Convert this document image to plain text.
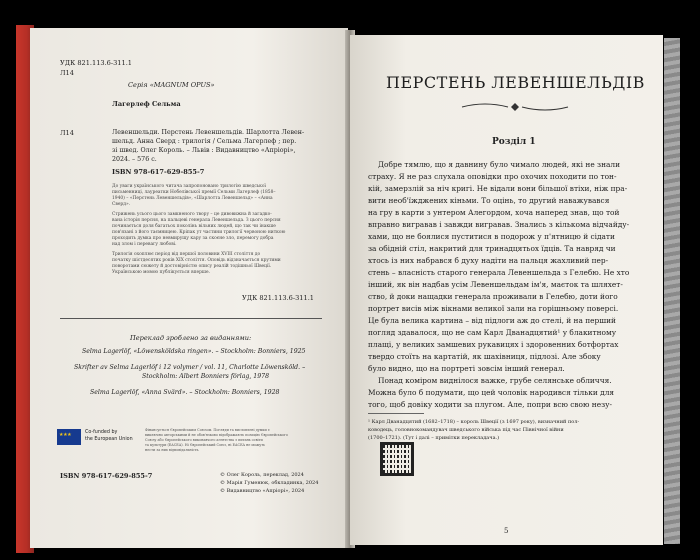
УДК 821.113.6-311.1
Л14
Серія «MAGNUM OPUS»
Лагерлеф Сельма
Л14	Левеншельди. Перстень Левеншельдів. Шарлотта Левен-
шельд. Анна Сверд : трилогія / Сельма Лагерлеф ; пер.
зі швед. Олег Король. – Львів : Видавництво «Апріорі»,
2024. – 576 с.
ISBN 978-617-629-855-7
До уваги українського читача запропоновано трилогію шведської
письменниці, лауреатки Нобелівської премії Сельми Лагерлеф (1858–
1940) – «Перстень Левеншельдів», «Шарлотта Левеншельд» – «Анна
Сверд».
Стрижень усього цього замкненого твору – це дивовижна й загадко-
вана історія персня, на пальцеві генерала Левеншельда. З цього персня
починається доля багатьох поколінь вільних людей, що так чи інакше
пов'язані з його таємницею. Кріпак ут частини трилогії червоною ниткою
проходить думка про невмирущу кару за скоєне зло, перемогу добра
над злом і перевагу любові.
Трилогія охоплює період від першої половини XVIII століття до
початку шістдесятих років XIX століття. Оповідь відзначається крутими
поворотами сюжету й достовірністю опису реалій тодішньої Швеції.
Українською мовою публікується вперше.
УДК 821.113.6-311.1
Переклад зроблено за виданнями:
Selma Lagerlöf, «Löwensköldska ringen». – Stockholm: Bonniers, 1925
Skrifter av Selma Lagerlöf i 12 volymer / vol. 11, Charlotte Löwensköld. –
Stockholm: Albert Bonniers förlag, 1978
Selma Lagerlöf, «Anna Svärd». – Stockholm: Bonniers, 1928
★ ★ ★
Co-funded by
the European Union
Фінансується Європейським Союзом. Погляди та висловлені думки є
виключно авторськими й не обов'язково відображають позицію Європейського
Союзу або Європейського виконавчого агентства з питань освіти
та культури (EACEA). Ні Європейський Союз, ні EACEA не можуть
нести за них відповідальність.
ISBN 978-617-629-855-7	© Олег Король, переклад, 2024
© Марія Гуменюк, обкладинка, 2024
© Видавництво «Апріорі», 2024
ПЕРСТЕНЬ ЛЕВЕНШЕЛЬДІВ
Розділ 1
Добре тямлю, що я давнину було чимало людей, які не знали
страху. Я не раз слухала оповідки про охочих походити по тон-
кій, замерзлій за ніч кригі. Не відали вони більшої втіхи, ніж пра-
вити необ'їжджених кіньми. То оцінь, то другий наважувався
на гру в карти з унтером Алегордом, хоча наперед знав, що той
вправно вигравав і завжди вигравав. Знались з кількома відчайду-
хами, що не боялися пуститися в подорож у п'ятницю й сідати
за обідній стіл, накритий для тринадцятьох їдців. Та навряд чи
хтось із них набрався б духу надіти на пальця жахливий пер-
стень – власність старого генерала Левеншельда з Гелебю. Не хто
інший, як він надбав усім Левеншельдам ім'я, маєток та шляхет-
ство, й доки нащадки генерала проживали в Гелебю, доти його
портрет висів між вікнами великої зали на горішньому поверсі.
Це була велика картина – від підлоги аж до стелі, й на перший
погляд здавалося, що не сам Карл Дванадцятий¹ у блакитному
плащі, у великих замшевих рукавицях і здоровенних ботфортах
твердо стоїть на картатій, як шахівниця, підлозі. Але збоку
було видно, що на портреті зовсім інший генерал.
Понад коміром виднілося важке, грубе селянське обличчя.
Можна було б подумати, що цей чоловік народився тільки для
того, щоб довіку ходити за плугом. Але, попри всю свою незу-
¹ Карл Дванадцятий (1682–1718) – король Швеції (з 1697 року), визначний пол-
ководець, головнокомандувач шведського війська під час Північної війни
(1700–1721). (Тут і далі – примітки перекладача.)
5
